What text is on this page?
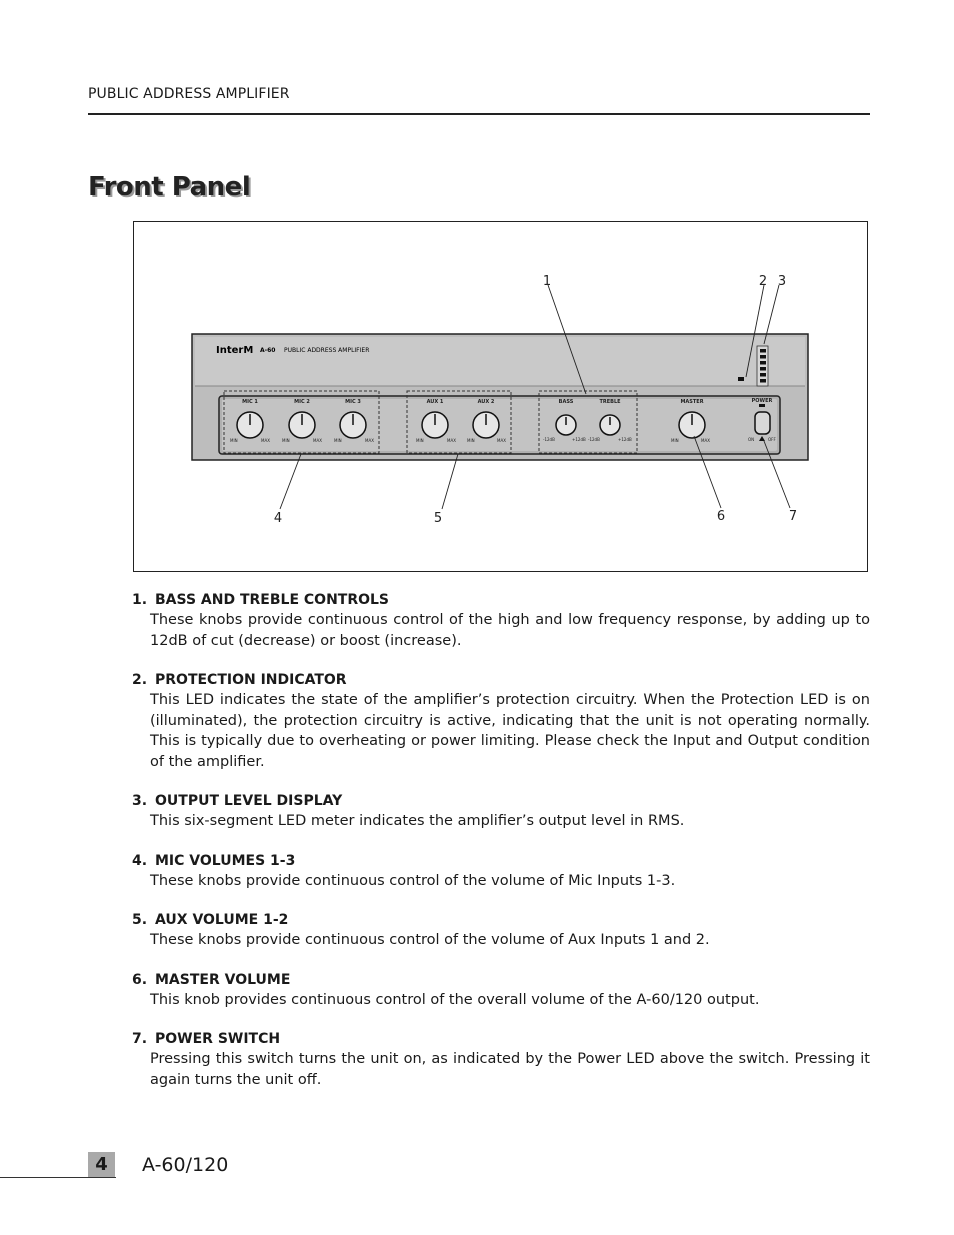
PUBLIC ADDRESS AMPLIFIER
Front Panel
InterM A-60 PUBLIC ADDRESS AMPLIFIER
MIC 1	MIC 2	MIC 3	AUX 1	AUX 2	BASS	TREBLE	MASTER	POWER
MIN	MAX	MIN	MAX	MIN	MAX	MIN	MAX	MIN	MAX	-12dB	+12dB -12dB	+12dB	MIN	MAX	ON	OFF
1	2 3
4	5	6	7
1. BASS AND TREBLE CONTROLS
These knobs provide continuous control of the high and low frequency response, by adding up to 12dB of cut (decrease) or boost (increase).
2. PROTECTION INDICATOR
This LED indicates the state of the amplifier’s protection circuitry. When the Protection LED is on (illuminated), the protection circuitry is active, indicating that the unit is not operating normally. This is typically due to overheating or power limiting. Please check the Input and Output condition of the amplifier.
3. OUTPUT LEVEL DISPLAY
This six-segment LED meter indicates the amplifier’s output level in RMS.
4. MIC VOLUMES 1-3
These knobs provide continuous control of the volume of Mic Inputs 1-3.
5. AUX VOLUME 1-2
These knobs provide continuous control of the volume of Aux Inputs 1 and 2.
6. MASTER VOLUME
This knob provides continuous control of the overall volume of the A-60/120 output.
7. POWER SWITCH
Pressing this switch turns the unit on, as indicated by the Power LED above the switch. Pressing it again turns the unit off.
4	A-60/120
